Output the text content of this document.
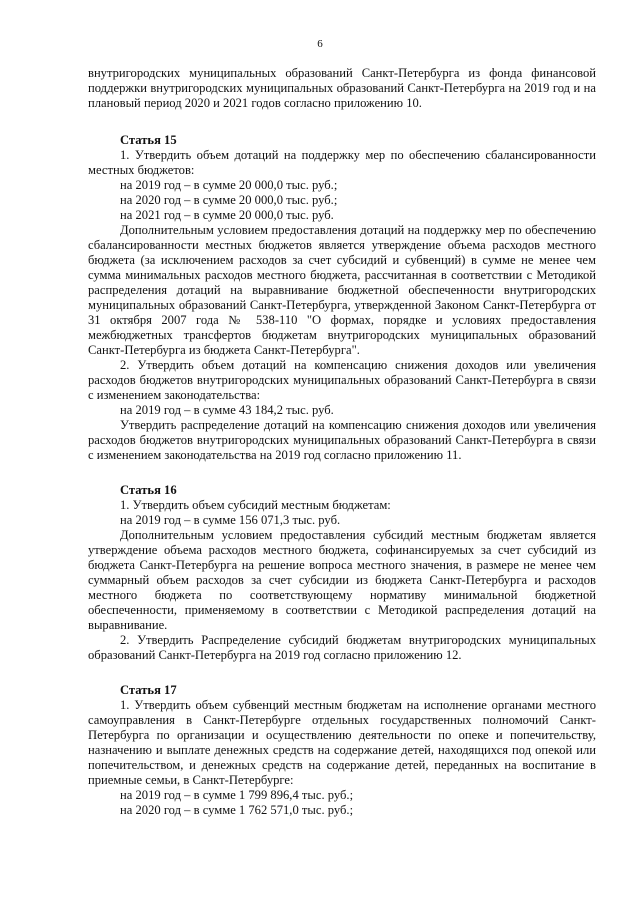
6

внутригородских муниципальных образований Санкт-Петербурга из фонда финансовой поддержки внутригородских муниципальных образований Санкт-Петербурга на 2019 год и на плановый период 2020 и 2021 годов согласно приложению 10.

Статья 15

1. Утвердить объем дотаций на поддержку мер по обеспечению сбалансированности местных бюджетов:

на 2019 год – в сумме 20 000,0 тыс. руб.;

на 2020 год – в сумме 20 000,0 тыс. руб.;

на 2021 год – в сумме 20 000,0 тыс. руб.

Дополнительным условием предоставления дотаций на поддержку мер по обеспечению сбалансированности местных бюджетов является утверждение объема расходов местного бюджета (за исключением расходов за счет субсидий и субвенций) в сумме не менее чем сумма минимальных расходов местного бюджета, рассчитанная в соответствии с Методикой распределения дотаций на выравнивание бюджетной обеспеченности внутригородских муниципальных образований Санкт-Петербурга, утвержденной Законом Санкт-Петербурга от 31 октября 2007 года № 538-110 "О формах, порядке и условиях предоставления межбюджетных трансфертов бюджетам внутригородских муниципальных образований Санкт-Петербурга из бюджета Санкт-Петербурга".

2. Утвердить объем дотаций на компенсацию снижения доходов или увеличения расходов бюджетов внутригородских муниципальных образований Санкт-Петербурга в связи с изменением законодательства:

на 2019 год – в сумме 43 184,2 тыс. руб.

Утвердить распределение дотаций на компенсацию снижения доходов или увеличения расходов бюджетов внутригородских муниципальных образований Санкт-Петербурга в связи с изменением законодательства на 2019 год согласно приложению 11.

Статья 16

1. Утвердить объем субсидий местным бюджетам:

на 2019 год – в сумме 156 071,3 тыс. руб.

Дополнительным условием предоставления субсидий местным бюджетам является утверждение объема расходов местного бюджета, софинансируемых за счет субсидий из бюджета Санкт-Петербурга на решение вопроса местного значения, в размере не менее чем суммарный объем расходов за счет субсидии из бюджета Санкт-Петербурга и расходов местного бюджета по соответствующему нормативу минимальной бюджетной обеспеченности, применяемому в соответствии с Методикой распределения дотаций на выравнивание.

2. Утвердить Распределение субсидий бюджетам внутригородских муниципальных образований Санкт-Петербурга на 2019 год согласно приложению 12.

Статья 17

1. Утвердить объем субвенций местным бюджетам на исполнение органами местного самоуправления в Санкт-Петербурге отдельных государственных полномочий Санкт-Петербурга по организации и осуществлению деятельности по опеке и попечительству, назначению и выплате денежных средств на содержание детей, находящихся под опекой или попечительством, и денежных средств на содержание детей, переданных на воспитание в приемные семьи, в Санкт-Петербурге:

на 2019 год – в сумме 1 799 896,4 тыс. руб.;

на 2020 год – в сумме 1 762 571,0 тыс. руб.;
